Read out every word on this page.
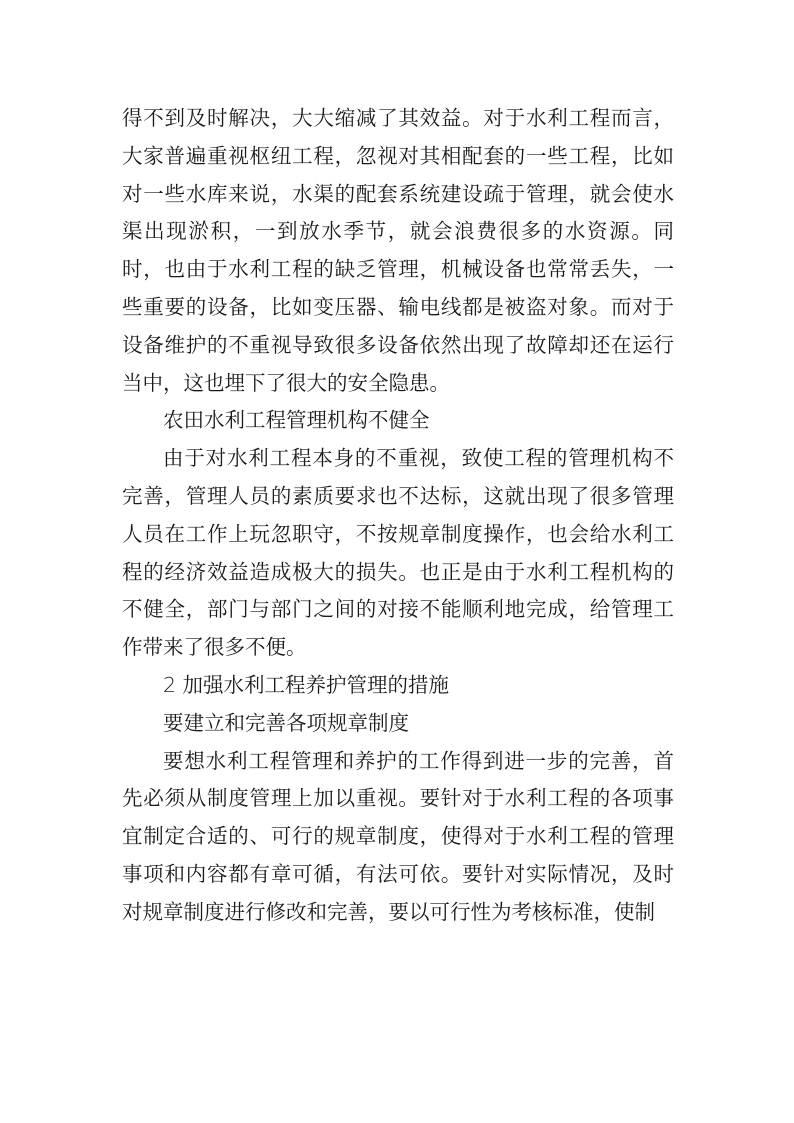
得不到及时解决，大大缩减了其效益。对于水利工程而言，大家普遍重视枢纽工程，忽视对其相配套的一些工程，比如对一些水库来说，水渠的配套系统建设疏于管理，就会使水渠出现淤积，一到放水季节，就会浪费很多的水资源。同时，也由于水利工程的缺乏管理，机械设备也常常丢失，一些重要的设备，比如变压器、输电线都是被盗对象。而对于设备维护的不重视导致很多设备依然出现了故障却还在运行当中，这也埋下了很大的安全隐患。

农田水利工程管理机构不健全

由于对水利工程本身的不重视，致使工程的管理机构不完善，管理人员的素质要求也不达标，这就出现了很多管理人员在工作上玩忽职守，不按规章制度操作，也会给水利工程的经济效益造成极大的损失。也正是由于水利工程机构的不健全，部门与部门之间的对接不能顺利地完成，给管理工作带来了很多不便。

2 加强水利工程养护管理的措施

要建立和完善各项规章制度

要想水利工程管理和养护的工作得到进一步的完善，首先必须从制度管理上加以重视。要针对于水利工程的各项事宜制定合适的、可行的规章制度，使得对于水利工程的管理事项和内容都有章可循，有法可依。要针对实际情况，及时对规章制度进行修改和完善，要以可行性为考核标准，使制
